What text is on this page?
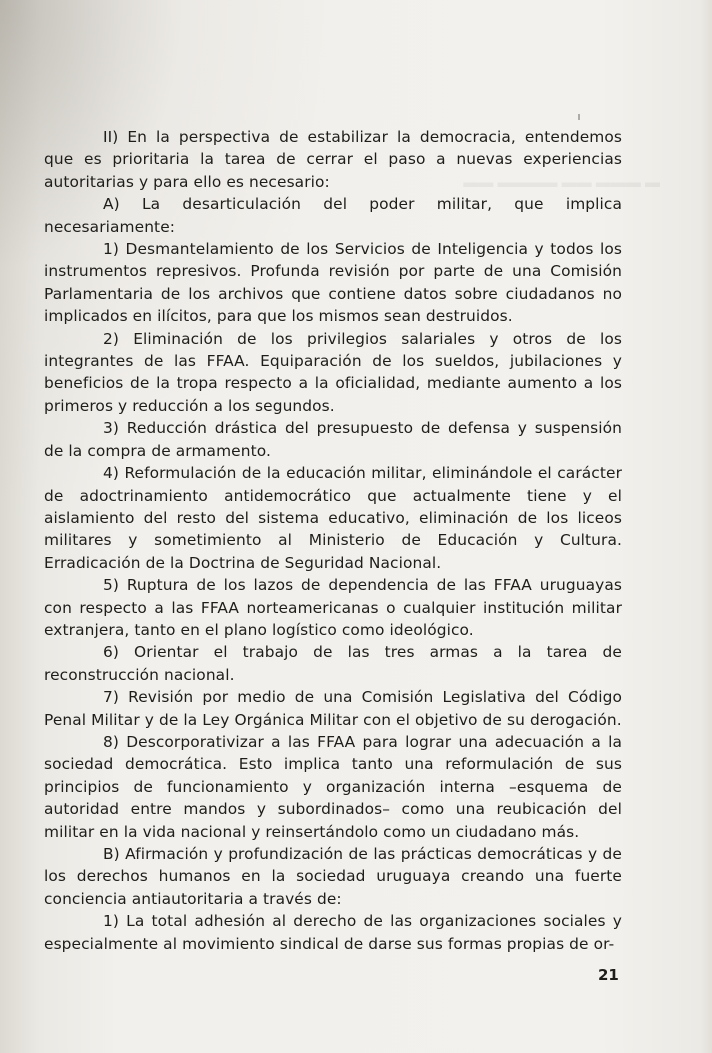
▬ ▬▬▬ ▬▬ ▬▬▬▬ ▬▬

II) En la perspectiva de estabilizar la democracia, entendemos que es prioritaria la tarea de cerrar el paso a nuevas experiencias autoritarias y para ello es necesario:

A) La desarticulación del poder militar, que implica necesariamente:

1) Desmantelamiento de los Servicios de Inteligencia y todos los instrumentos represivos. Profunda revisión por parte de una Comisión Parlamentaria de los archivos que contiene datos sobre ciudadanos no implicados en ilícitos, para que los mismos sean destruidos.

2) Eliminación de los privilegios salariales y otros de los integrantes de las FFAA. Equiparación de los sueldos, jubilaciones y beneficios de la tropa respecto a la oficialidad, mediante aumento a los primeros y reducción a los segundos.

3) Reducción drástica del presupuesto de defensa y suspensión de la compra de armamento.

4) Reformulación de la educación militar, eliminándole el carácter de adoctrinamiento antidemocrático que actualmente tiene y el aislamiento del resto del sistema educativo, eliminación de los liceos militares y sometimiento al Ministerio de Educación y Cultura. Erradicación de la Doctrina de Seguridad Nacional.

5) Ruptura de los lazos de dependencia de las FFAA uruguayas con respecto a las FFAA norteamericanas o cualquier institución militar extranjera, tanto en el plano logístico como ideológico.

6) Orientar el trabajo de las tres armas a la tarea de reconstrucción nacional.

7) Revisión por medio de una Comisión Legislativa del Código Penal Militar y de la Ley Orgánica Militar con el objetivo de su derogación.

8) Descorporativizar a las FFAA para lograr una adecuación a la sociedad democrática. Esto implica tanto una reformulación de sus principios de funcionamiento y organización interna –esquema de autoridad entre mandos y subordinados– como una reubicación del militar en la vida nacional y reinsertándolo como un ciudadano más.

B) Afirmación y profundización de las prácticas democráticas y de los derechos humanos en la sociedad uruguaya creando una fuerte conciencia antiautoritaria a través de:

1) La total adhesión al derecho de las organizaciones sociales y especialmente al movimiento sindical de darse sus formas propias de or-

21
